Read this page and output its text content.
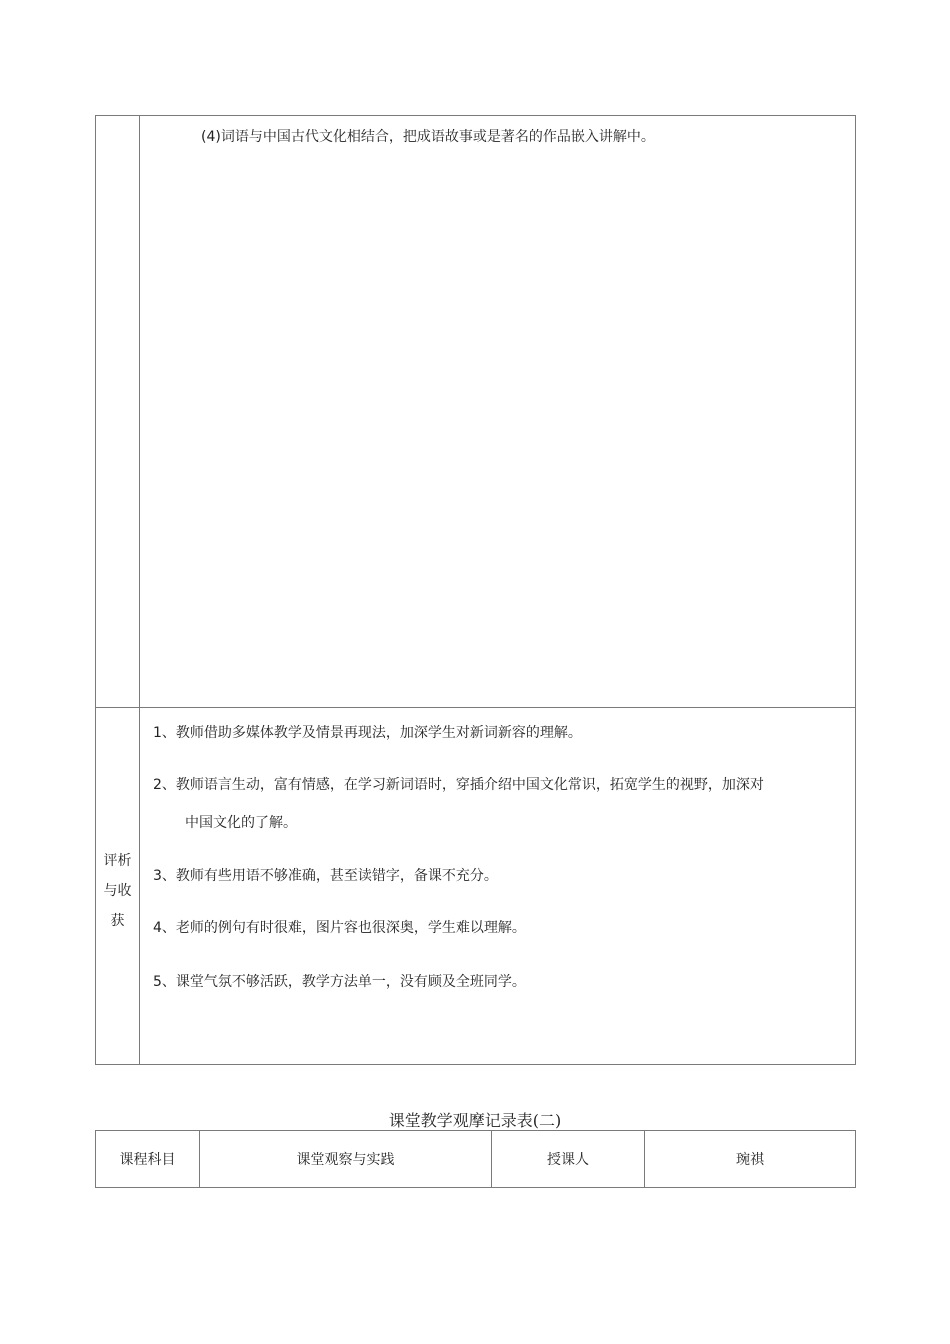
(4)词语与中国古代文化相结合，把成语故事或是著名的作品嵌入讲解中。
评析
与收
获
1、教师借助多媒体教学及情景再现法，加深学生对新词新容的理解。
2、教师语言生动，富有情感，在学习新词语时，穿插介绍中国文化常识，拓宽学生的视野，加深对
中国文化的了解。
3、教师有些用语不够准确，甚至读错字，备课不充分。
4、老师的例句有时很难，图片容也很深奥，学生难以理解。
5、课堂气氛不够活跃，教学方法单一，没有顾及全班同学。
课堂教学观摩记录表(二)
课程科目	课堂观察与实践	授课人	琬祺
